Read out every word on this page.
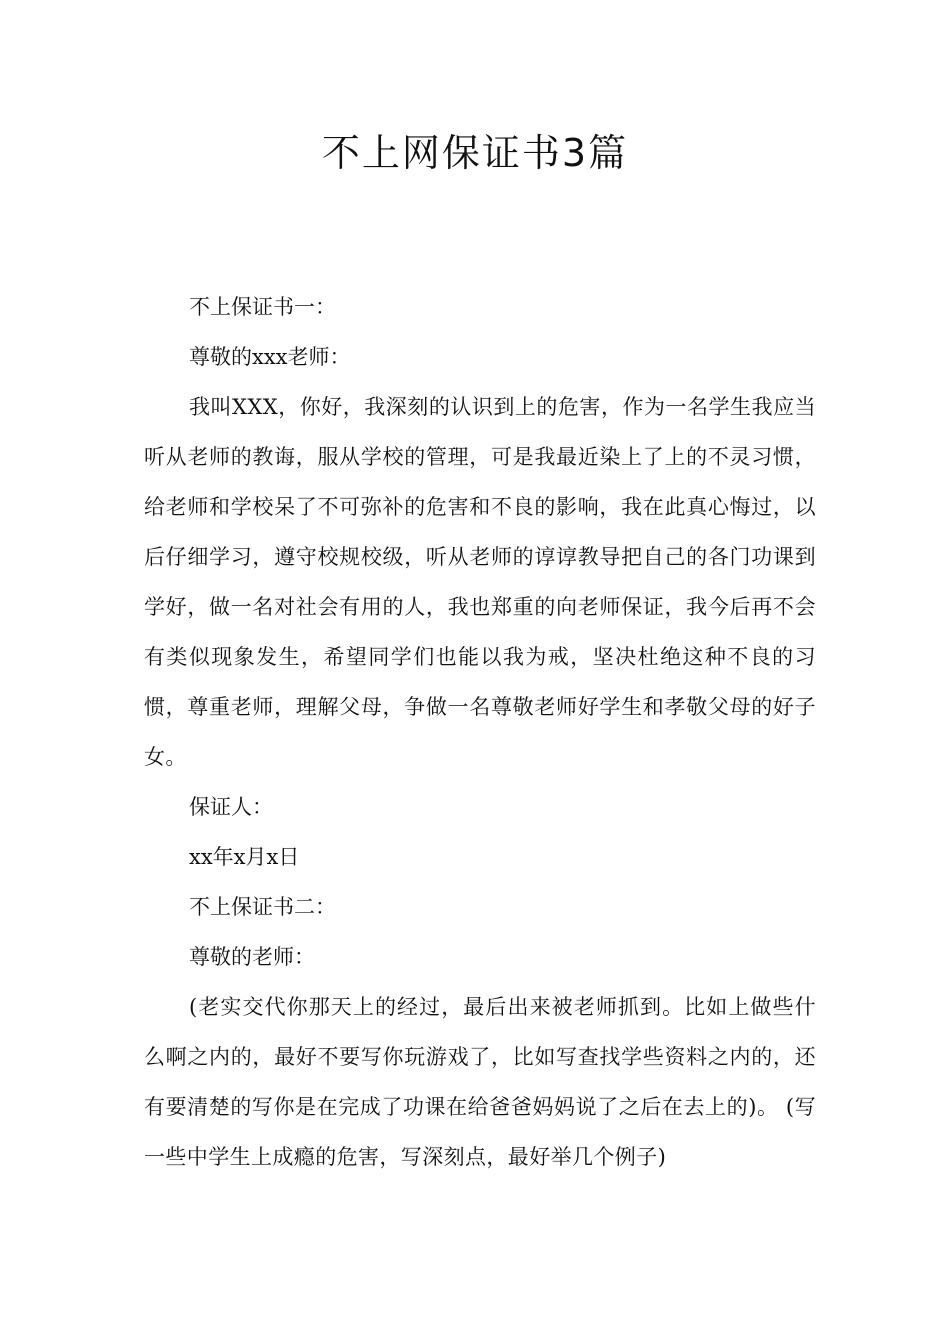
不上网保证书3篇
不上保证书一：
尊敬的xxx老师：

我叫XXX，你好，我深刻的认识到上的危害，作为一名学生我应当听从老师的教诲，服从学校的管理，可是我最近染上了上的不灵习惯，给老师和学校呆了不可弥补的危害和不良的影响，我在此真心悔过，以后仔细学习，遵守校规校级，听从老师的谆谆教导把自己的各门功课到学好，做一名对社会有用的人，我也郑重的向老师保证，我今后再不会有类似现象发生，希望同学们也能以我为戒，坚决杜绝这种不良的习惯，尊重老师，理解父母，争做一名尊敬老师好学生和孝敬父母的好子女。

保证人：
xx年x月x日
不上保证书二：
尊敬的老师：

(老实交代你那天上的经过，最后出来被老师抓到。比如上做些什么啊之内的，最好不要写你玩游戏了，比如写查找学些资料之内的，还有要清楚的写你是在完成了功课在给爸爸妈妈说了之后在去上的)。 (写一些中学生上成瘾的危害，写深刻点，最好举几个例子)
